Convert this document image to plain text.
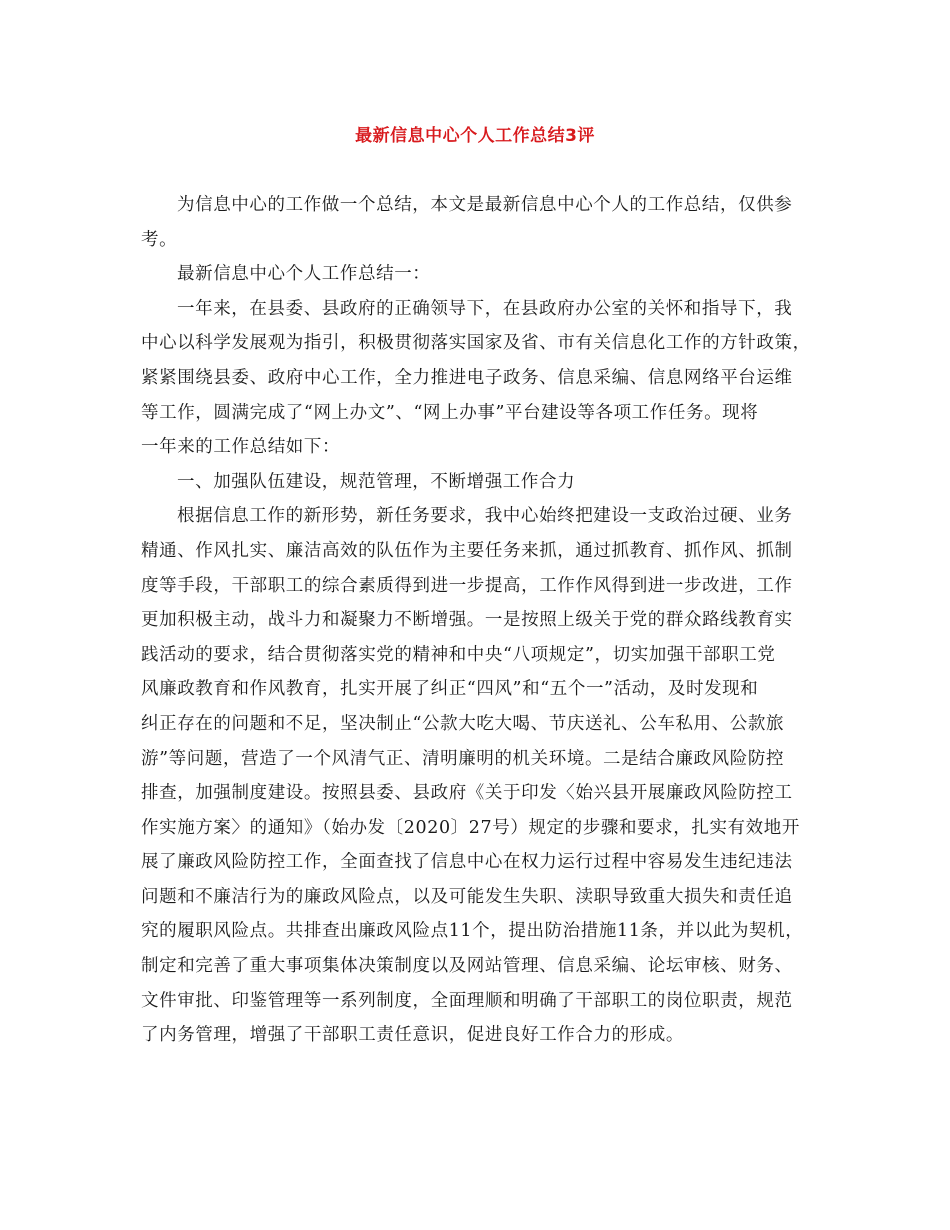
最新信息中心个人工作总结3评
为信息中心的工作做一个总结，本文是最新信息中心个人的工作总结，仅供参
考。
最新信息中心个人工作总结一：
一年来，在县委、县政府的正确领导下，在县政府办公室的关怀和指导下，我
中心以科学发展观为指引，积极贯彻落实国家及省、市有关信息化工作的方针政策，
紧紧围绕县委、政府中心工作，全力推进电子政务、信息采编、信息网络平台运维
等工作，圆满完成了“网上办文”、“网上办事”平台建设等各项工作任务。现将
一年来的工作总结如下：
一、加强队伍建设，规范管理，不断增强工作合力
根据信息工作的新形势，新任务要求，我中心始终把建设一支政治过硬、业务
精通、作风扎实、廉洁高效的队伍作为主要任务来抓，通过抓教育、抓作风、抓制
度等手段，干部职工的综合素质得到进一步提高，工作作风得到进一步改进，工作
更加积极主动，战斗力和凝聚力不断增强。一是按照上级关于党的群众路线教育实
践活动的要求，结合贯彻落实党的精神和中央“八项规定”，切实加强干部职工党
风廉政教育和作风教育，扎实开展了纠正“四风”和“五个一”活动，及时发现和
纠正存在的问题和不足，坚决制止“公款大吃大喝、节庆送礼、公车私用、公款旅
游”等问题，营造了一个风清气正、清明廉明的机关环境。二是结合廉政风险防控
排查，加强制度建设。按照县委、县政府《关于印发〈始兴县开展廉政风险防控工
作实施方案〉的通知》（始办发〔2020〕27号）规定的步骤和要求，扎实有效地开
展了廉政风险防控工作，全面查找了信息中心在权力运行过程中容易发生违纪违法
问题和不廉洁行为的廉政风险点，以及可能发生失职、渎职导致重大损失和责任追
究的履职风险点。共排查出廉政风险点11个，提出防治措施11条，并以此为契机，
制定和完善了重大事项集体决策制度以及网站管理、信息采编、论坛审核、财务、
文件审批、印鉴管理等一系列制度，全面理顺和明确了干部职工的岗位职责，规范
了内务管理，增强了干部职工责任意识，促进良好工作合力的形成。
